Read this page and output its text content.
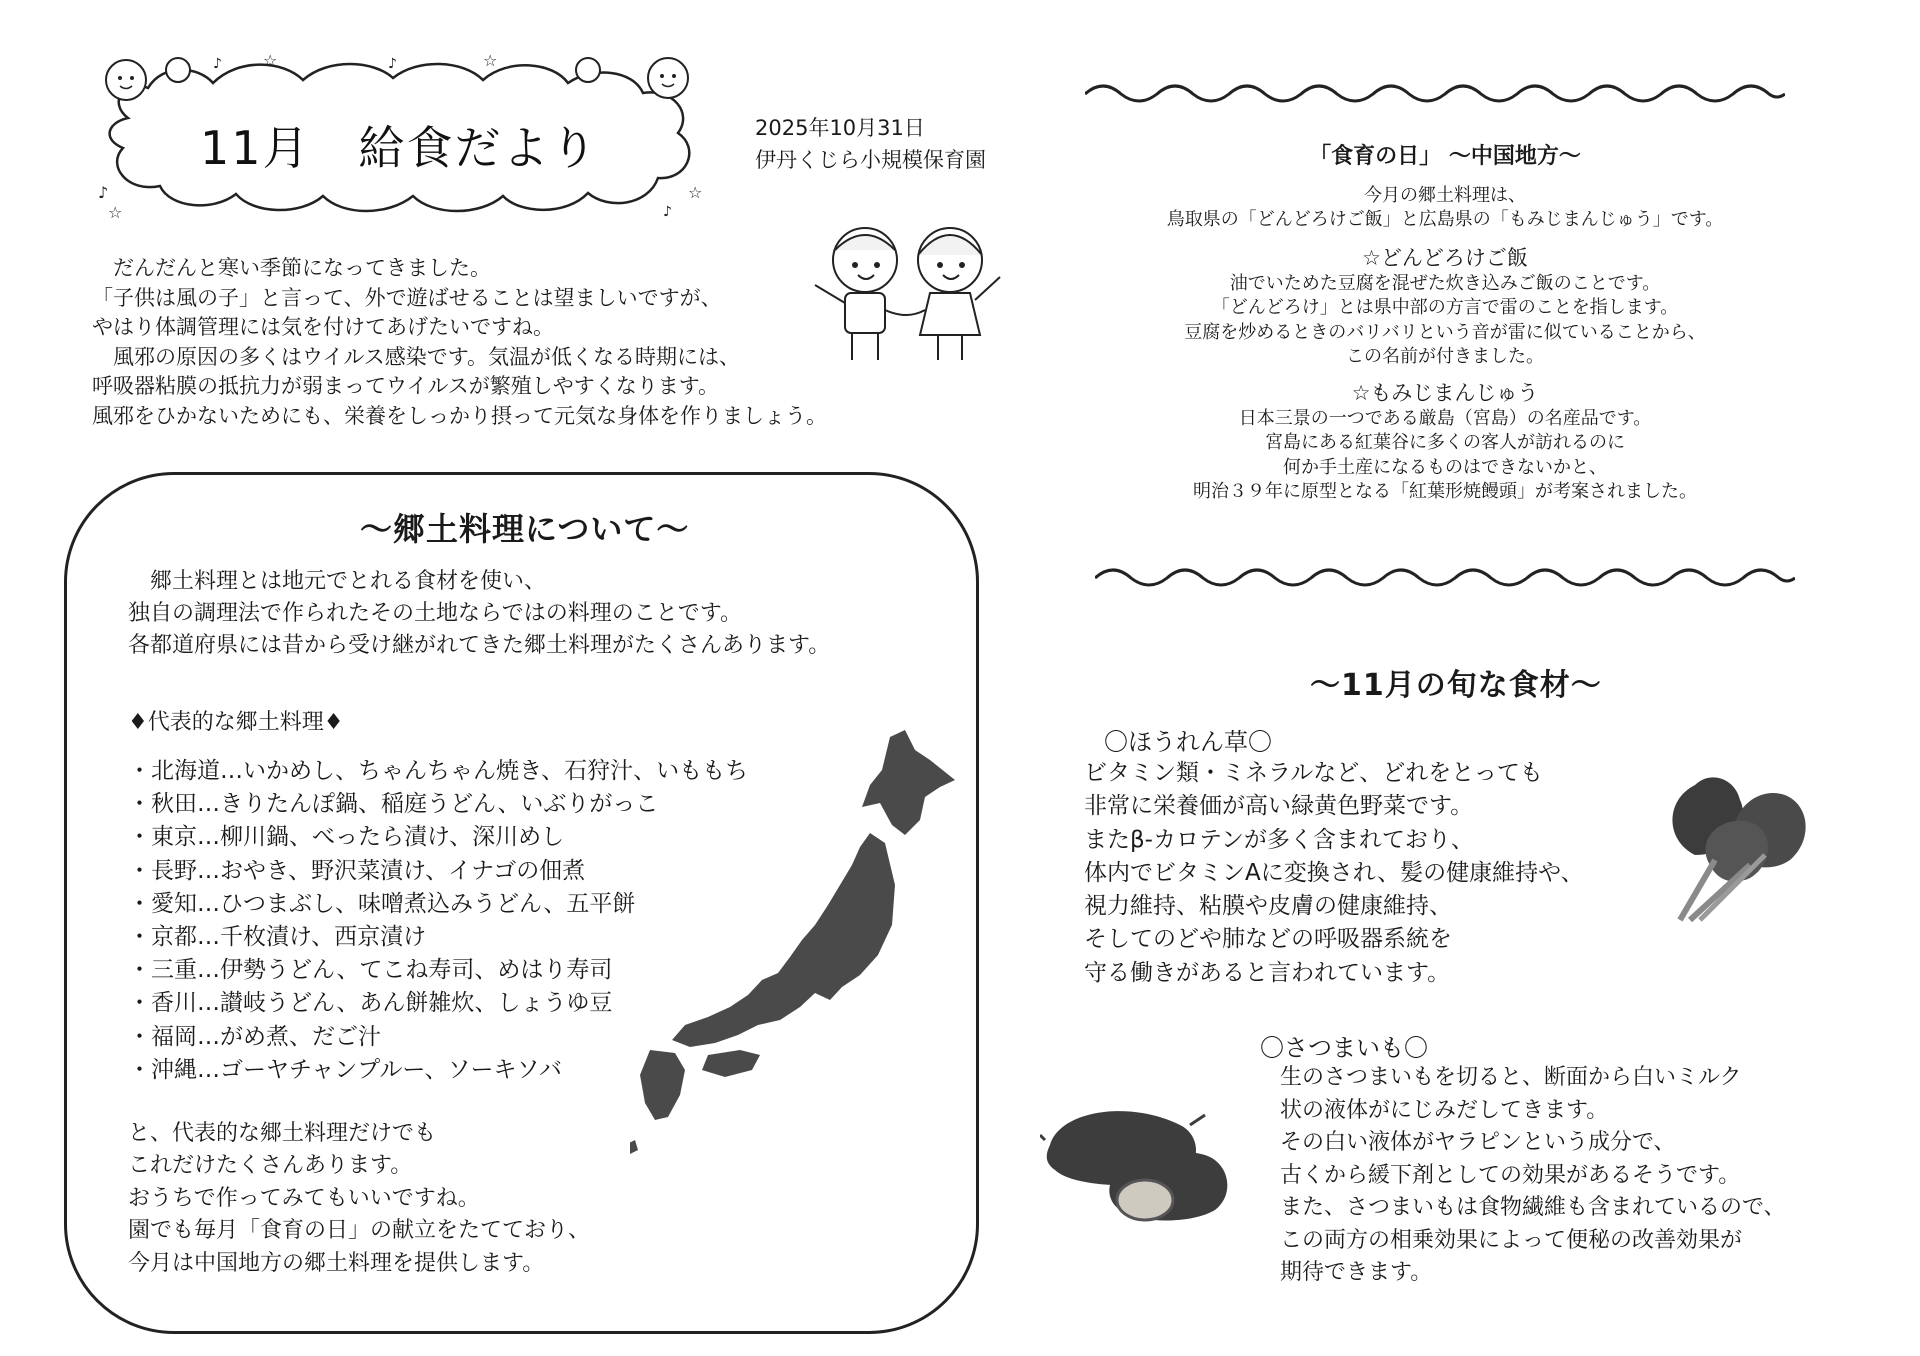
☆	☆
♪	♪
♪
☆
☆
♪
11月　給食だより	2025年10月31日
伊丹くじら小規模保育園
　だんだんと寒い季節になってきました。
「子供は風の子」と言って、外で遊ばせることは望ましいですが、
やはり体調管理には気を付けてあげたいですね。
　風邪の原因の多くはウイルス感染です。気温が低くなる時期には、
呼吸器粘膜の抵抗力が弱まってウイルスが繁殖しやすくなります。
風邪をひかないためにも、栄養をしっかり摂って元気な身体を作りましょう。
～郷土料理について～
　郷土料理とは地元でとれる食材を使い、
独自の調理法で作られたその土地ならではの料理のことです。
各都道府県には昔から受け継がれてきた郷土料理がたくさんあります。
♦代表的な郷土料理♦
・北海道…いかめし、ちゃんちゃん焼き、石狩汁、いももち
・秋田…きりたんぽ鍋、稲庭うどん、いぶりがっこ
・東京…柳川鍋、べったら漬け、深川めし
・長野…おやき、野沢菜漬け、イナゴの佃煮
・愛知…ひつまぶし、味噌煮込みうどん、五平餅
・京都…千枚漬け、西京漬け
・三重…伊勢うどん、てこね寿司、めはり寿司
・香川…讃岐うどん、あん餅雑炊、しょうゆ豆
・福岡…がめ煮、だご汁
・沖縄…ゴーヤチャンプルー、ソーキソバ
と、代表的な郷土料理だけでも
これだけたくさんあります。
おうちで作ってみてもいいですね。
園でも毎月「食育の日」の献立をたてており、
今月は中国地方の郷土料理を提供します。
「食育の日」 ～中国地方～
今月の郷土料理は、
鳥取県の「どんどろけご飯」と広島県の「もみじまんじゅう」です。
☆どんどろけご飯
油でいためた豆腐を混ぜた炊き込みご飯のことです。
「どんどろけ」とは県中部の方言で雷のことを指します。
豆腐を炒めるときのバリバリという音が雷に似ていることから、
この名前が付きました。
☆もみじまんじゅう
日本三景の一つである厳島（宮島）の名産品です。
宮島にある紅葉谷に多くの客人が訪れるのに
何か手土産になるものはできないかと、
明治３９年に原型となる「紅葉形焼饅頭」が考案されました。
～11月の旬な食材～
〇ほうれん草〇
ビタミン類・ミネラルなど、どれをとっても
非常に栄養価が高い緑黄色野菜です。
またβ-カロテンが多く含まれており、
体内でビタミンAに変換され、髪の健康維持や、
視力維持、粘膜や皮膚の健康維持、
そしてのどや肺などの呼吸器系統を
守る働きがあると言われています。
〇さつまいも〇
生のさつまいもを切ると、断面から白いミルク
状の液体がにじみだしてきます。
その白い液体がヤラピンという成分で、
古くから緩下剤としての効果があるそうです。
また、さつまいもは食物繊維も含まれているので、
この両方の相乗効果によって便秘の改善効果が
期待できます。
